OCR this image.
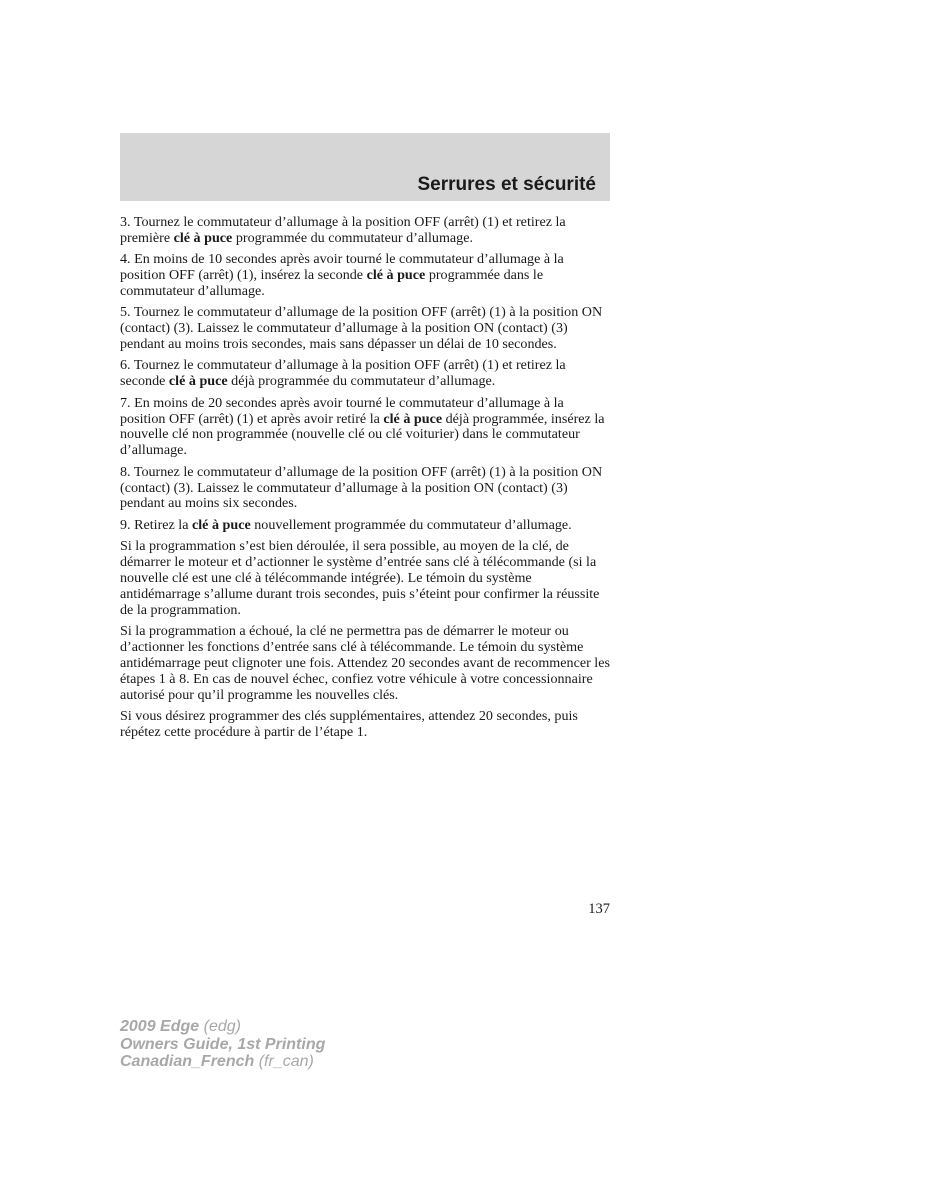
Serrures et sécurité

3. Tournez le commutateur d’allumage à la position OFF (arrêt) (1) et retirez la première clé à puce programmée du commutateur d’allumage.

4. En moins de 10 secondes après avoir tourné le commutateur d’allumage à la position OFF (arrêt) (1), insérez la seconde clé à puce programmée dans le commutateur d’allumage.

5. Tournez le commutateur d’allumage de la position OFF (arrêt) (1) à la position ON (contact) (3). Laissez le commutateur d’allumage à la position ON (contact) (3) pendant au moins trois secondes, mais sans dépasser un délai de 10 secondes.

6. Tournez le commutateur d’allumage à la position OFF (arrêt) (1) et retirez la seconde clé à puce déjà programmée du commutateur d’allumage.

7. En moins de 20 secondes après avoir tourné le commutateur d’allumage à la position OFF (arrêt) (1) et après avoir retiré la clé à puce déjà programmée, insérez la nouvelle clé non programmée (nouvelle clé ou clé voiturier) dans le commutateur d’allumage.

8. Tournez le commutateur d’allumage de la position OFF (arrêt) (1) à la position ON (contact) (3). Laissez le commutateur d’allumage à la position ON (contact) (3) pendant au moins six secondes.

9. Retirez la clé à puce nouvellement programmée du commutateur d’allumage.

Si la programmation s’est bien déroulée, il sera possible, au moyen de la clé, de démarrer le moteur et d’actionner le système d’entrée sans clé à télécommande (si la nouvelle clé est une clé à télécommande intégrée). Le témoin du système antidémarrage s’allume durant trois secondes, puis s’éteint pour confirmer la réussite de la programmation.

Si la programmation a échoué, la clé ne permettra pas de démarrer le moteur ou d’actionner les fonctions d’entrée sans clé à télécommande. Le témoin du système antidémarrage peut clignoter une fois. Attendez 20 secondes avant de recommencer les étapes 1 à 8. En cas de nouvel échec, confiez votre véhicule à votre concessionnaire autorisé pour qu’il programme les nouvelles clés.

Si vous désirez programmer des clés supplémentaires, attendez 20 secondes, puis répétez cette procédure à partir de l’étape 1.

137
2009 Edge (edg)
Owners Guide, 1st Printing
Canadian_French (fr_can)
